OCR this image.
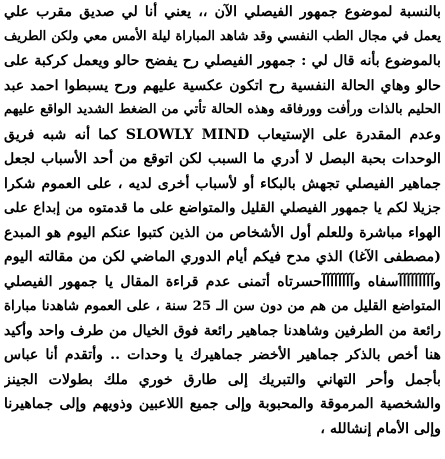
بالنسبة لموضوع جمهور الفيصلي الآن ،، يعني أنا لي صديق مقرب علي
يعمل في مجال الطب النفسي وقد شاهد المباراة ليلة الأمس معي ولكن الطريف
بالموضوع بأنه قال لي : جمهور الفيصلي رح يفضح حالو ويعمل كركبة على
حالو وهاي الحالة النفسية رح اتكون عكسية عليهم ورح يسبطوا احمد عبد
الحليم بالذات ورأفت وورفاقه وهذه الحالة تأتي من الضغط الشديد الواقع عليهم
وعدم المقدرة على الإستيعاب SLOWLY MIND كما أنه شبه فريق
الوحدات بحبة البصل لا أدري ما السبب لكن اتوقع من أحد الأسباب لجعل
جماهير الفيصلي تجهش بالبكاء أو لأسباب أخرى لديه ، على العموم شكرا
جزيلا لكم يا جمهور الفيصلي القليل والمتواضع على ما قدمتوه من إبداع على
الهواء مباشرة وللعلم أول الأشخاص من الذين كتبوا عنكم اليوم هو المبدع
(مصطفى الآغا) الذي مدح فيكم أيام الدوري الماضي لكن من مقالته اليوم
وآآآآآآآآآسفاه وآآآآآآآآحسرتاه أتمنى عدم قراءة المقال يا جمهور الفيصلي
المتواضع القليل من هم من دون سن الـ 25 سنة ، على العموم شاهدنا مباراة
رائعة من الطرفين وشاهدنا جماهير رائعة فوق الخيال من طرف واحد وأكيد
هنا أخص بالذكر جماهير الأخضر جماهيرك يا وحدات .. وأتقدم أنا عباس
بأجمل وأحر التهاني والتبريك إلى طارق خوري ملك بطولات الجينز
والشخصية المرموقة والمحبوبة وإلى جميع اللاعبين وذويهم وإلى جماهيرنا
وإلى الأمام إنشالله ،
